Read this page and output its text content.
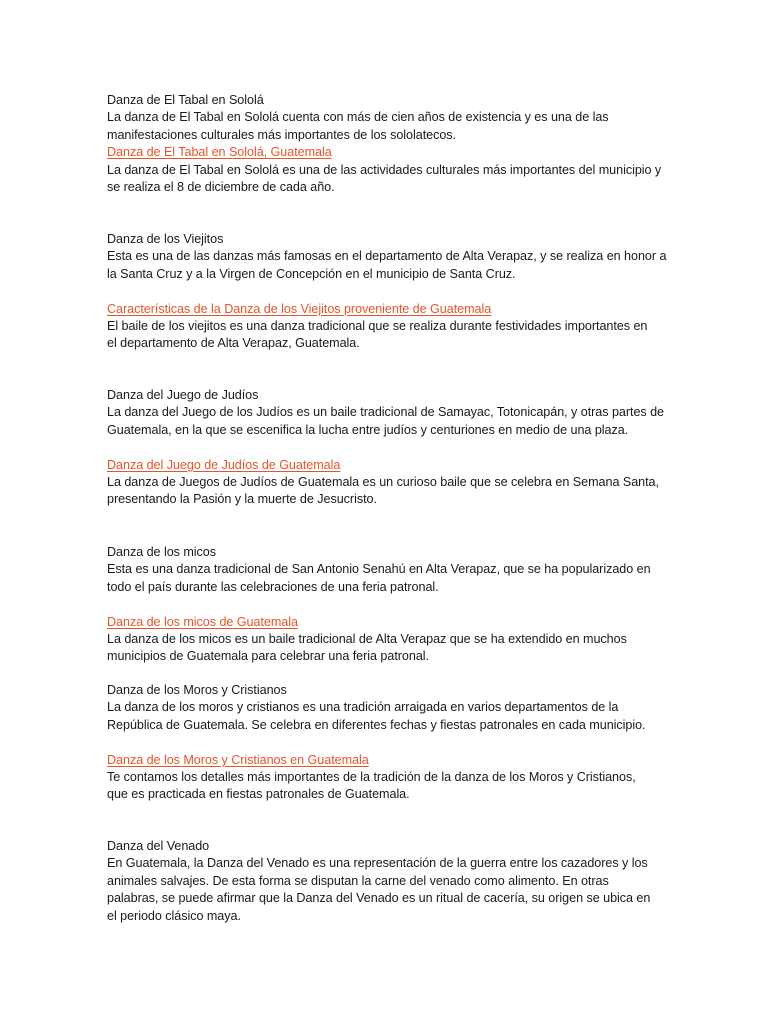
Danza de El Tabal en Sololá
La danza de El Tabal en Sololá cuenta con más de cien años de existencia y es una de las
manifestaciones culturales más importantes de los sololatecos.
Danza de El Tabal en Sololá, Guatemala
La danza de El Tabal en Sololá es una de las actividades culturales más importantes del municipio y
se realiza el 8 de diciembre de cada año.
Danza de los Viejitos
Esta es una de las danzas más famosas en el departamento de Alta Verapaz, y se realiza en honor a
la Santa Cruz y a la Virgen de Concepción en el municipio de Santa Cruz.
Características de la Danza de los Viejitos proveniente de Guatemala
El baile de los viejitos es una danza tradicional que se realiza durante festividades importantes en
el departamento de Alta Verapaz, Guatemala.
Danza del Juego de Judíos
La danza del Juego de los Judíos es un baile tradicional de Samayac, Totonicapán, y otras partes de
Guatemala, en la que se escenifica la lucha entre judíos y centuriones en medio de una plaza.
Danza del Juego de Judíos de Guatemala
La danza de Juegos de Judíos de Guatemala es un curioso baile que se celebra en Semana Santa,
presentando la Pasión y la muerte de Jesucristo.
Danza de los micos
Esta es una danza tradicional de San Antonio Senahú en Alta Verapaz, que se ha popularizado en
todo el país durante las celebraciones de una feria patronal.
Danza de los micos de Guatemala
La danza de los micos es un baile tradicional de Alta Verapaz que se ha extendido en muchos
municipios de Guatemala para celebrar una feria patronal.
Danza de los Moros y Cristianos
La danza de los moros y cristianos es una tradición arraigada en varios departamentos de la
República de Guatemala. Se celebra en diferentes fechas y fiestas patronales en cada municipio.
Danza de los Moros y Cristianos en Guatemala
Te contamos los detalles más importantes de la tradición de la danza de los Moros y Cristianos,
que es practicada en fiestas patronales de Guatemala.
Danza del Venado
En Guatemala, la Danza del Venado es una representación de la guerra entre los cazadores y los
animales salvajes. De esta forma se disputan la carne del venado como alimento. En otras
palabras, se puede afirmar que la Danza del Venado es un ritual de cacería, su origen se ubica en
el periodo clásico maya.
